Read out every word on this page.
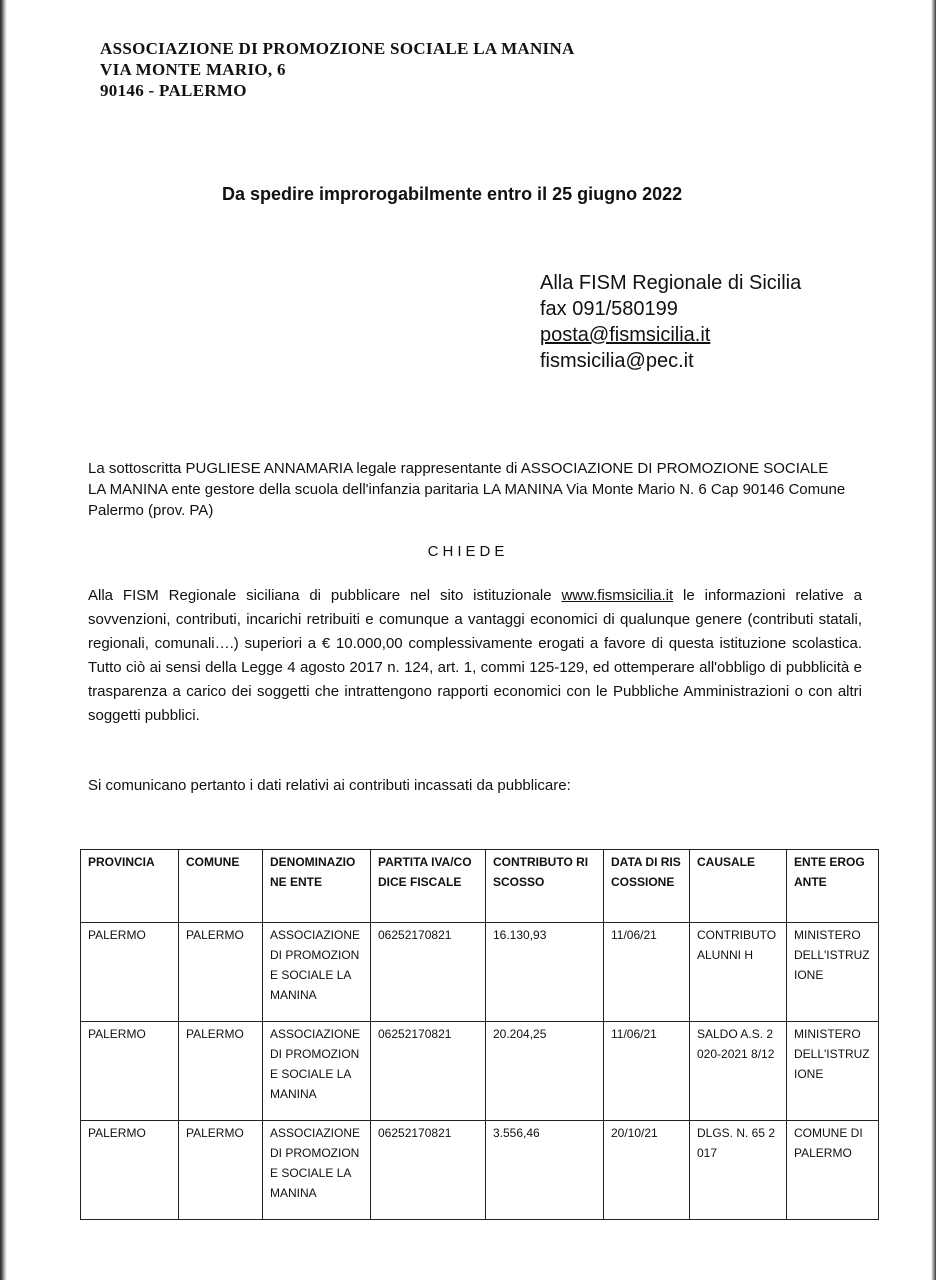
ASSOCIAZIONE DI PROMOZIONE SOCIALE LA MANINA
VIA MONTE MARIO, 6
90146 - PALERMO
Da spedire improrogabilmente entro il 25 giugno 2022
Alla FISM Regionale di Sicilia
fax 091/580199
posta@fismsicilia.it
fismsicilia@pec.it
La sottoscritta PUGLIESE ANNAMARIA legale rappresentante di ASSOCIAZIONE DI PROMOZIONE SOCIALE LA MANINA ente gestore della scuola dell'infanzia paritaria LA MANINA Via Monte Mario N. 6 Cap 90146 Comune Palermo (prov. PA)
CHIEDE
Alla FISM Regionale siciliana di pubblicare nel sito istituzionale www.fismsicilia.it le informazioni relative a sovvenzioni, contributi, incarichi retribuiti e comunque a vantaggi economici di qualunque genere (contributi statali, regionali, comunali….) superiori a € 10.000,00 complessivamente erogati a favore di questa istituzione scolastica. Tutto ciò ai sensi della Legge 4 agosto 2017 n. 124, art. 1, commi 125-129, ed ottemperare all'obbligo di pubblicità e trasparenza a carico dei soggetti che intrattengono rapporti economici con le Pubbliche Amministrazioni o con altri soggetti pubblici.
Si comunicano pertanto i dati relativi ai contributi incassati da pubblicare:
PROVINCIA	COMUNE	DENOMINAZIONE ENTE	PARTITA IVA/CODICE FISCALE	CONTRIBUTO RISCOSSO	DATA DI RISCOSSIONE	CAUSALE	ENTE EROGANTE
PALERMO	PALERMO	ASSOCIAZIONE DI PROMOZIONE SOCIALE LA MANINA	06252170821	16.130,93	11/06/21	CONTRIBUTO ALUNNI H	MINISTERO DELL'ISTRUZIONE
PALERMO	PALERMO	ASSOCIAZIONE DI PROMOZIONE SOCIALE LA MANINA	06252170821	20.204,25	11/06/21	SALDO A.S. 2020-2021 8/12	MINISTERO DELL'ISTRUZIONE
PALERMO	PALERMO	ASSOCIAZIONE DI PROMOZIONE SOCIALE LA MANINA	06252170821	3.556,46	20/10/21	DLGS. N. 65 2017	COMUNE DI PALERMO
